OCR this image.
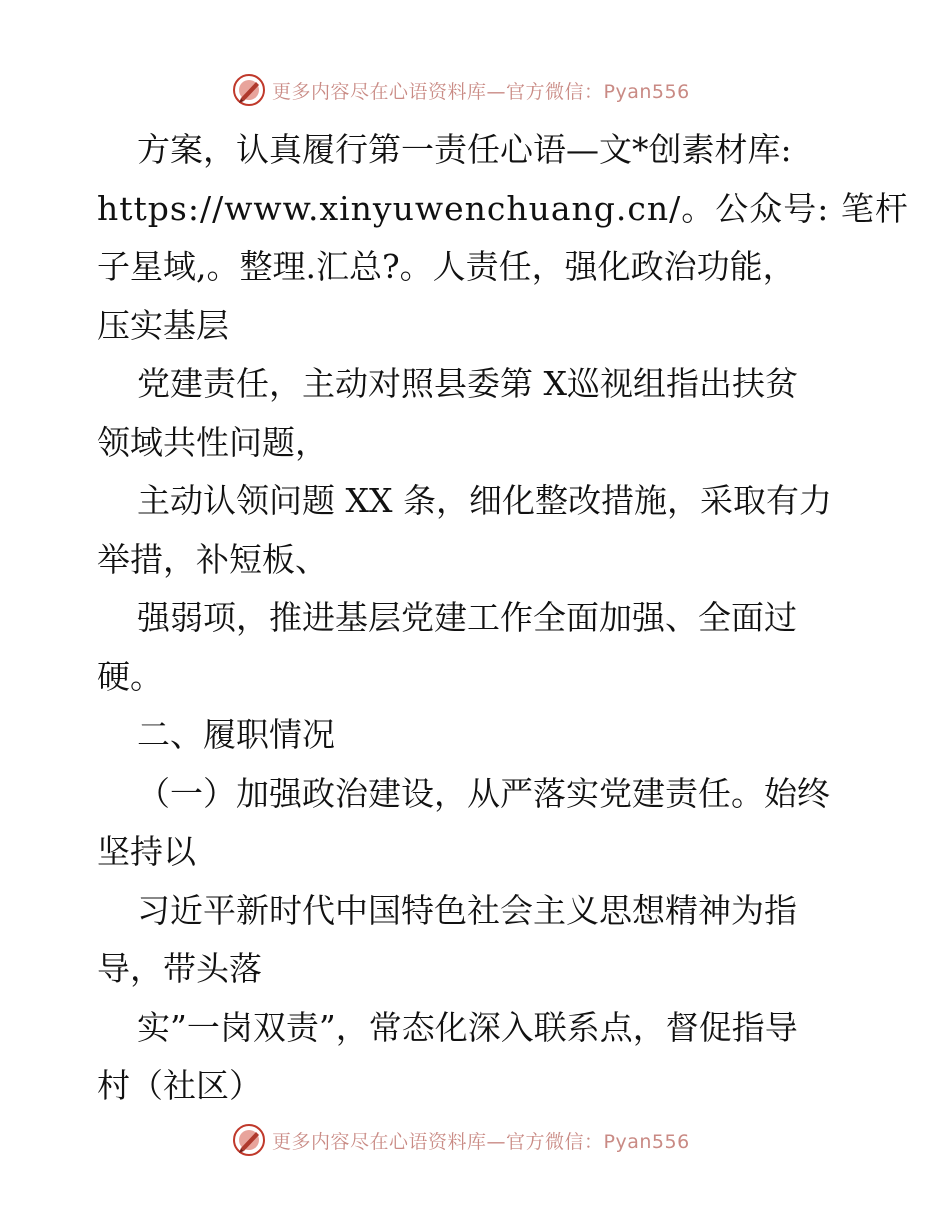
更多内容尽在心语资料库—官方微信：Pyan556
方案，认真履行第一责任心语—文*创素材库:
https://www.xinyuwenchuang.cn/。公众号: 笔杆
子星域,。整理.汇总?。人责任，强化政治功能，
压实基层
党建责任，主动对照县委第 X巡视组指出扶贫
领域共性问题，
主动认领问题 XX 条，细化整改措施，采取有力
举措，补短板、
强弱项，推进基层党建工作全面加强、全面过
硬。
二、履职情况
（一）加强政治建设，从严落实党建责任。始终
坚持以
习近平新时代中国特色社会主义思想精神为指
导，带头落
实”一岗双责”，常态化深入联系点，督促指导
村（社区）
更多内容尽在心语资料库—官方微信：Pyan556
